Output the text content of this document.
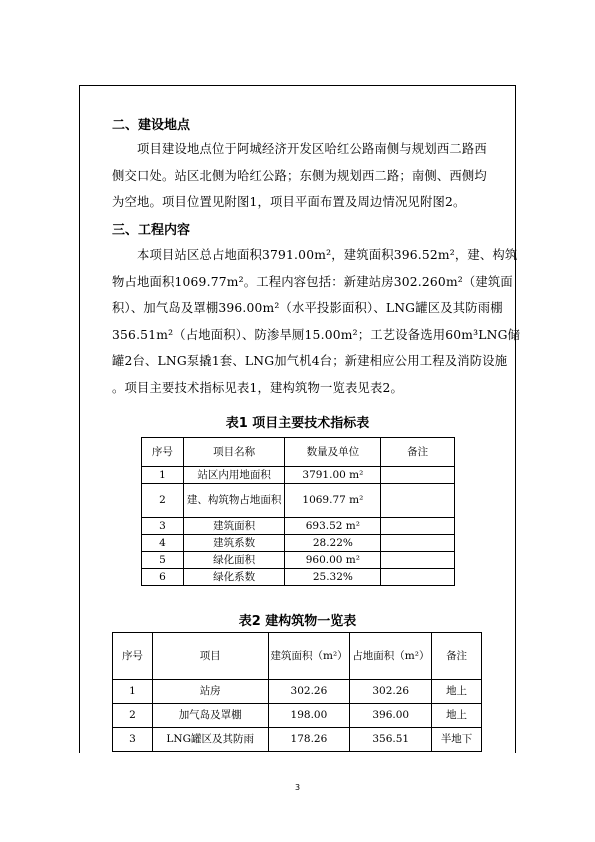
二、建设地点
　　项目建设地点位于阿城经济开发区哈红公路南侧与规划西二路西
侧交口处。站区北侧为哈红公路；东侧为规划西二路；南侧、西侧均
为空地。项目位置见附图1，项目平面布置及周边情况见附图2。
三、工程内容
　　本项目站区总占地面积3791.00m²，建筑面积396.52m²，建、构筑
物占地面积1069.77m²。工程内容包括：新建站房302.260m²（建筑面
积）、加气岛及罩棚396.00m²（水平投影面积）、LNG罐区及其防雨棚
356.51m²（占地面积）、防渗旱厕15.00m²；工艺设备选用60m³LNG储
罐2台、LNG泵撬1套、LNG加气机4台；新建相应公用工程及消防设施
。项目主要技术指标见表1，建构筑物一览表见表2。
表1 项目主要技术指标表
序号	项目名称	数量及单位	备注
1	站区内用地面积	3791.00 m²	
2	建、构筑物占地面积	1069.77 m²	
3	建筑面积	693.52 m²	
4	建筑系数	28.22%	
5	绿化面积	960.00 m²	
6	绿化系数	25.32%	
表2 建构筑物一览表
序号	项目	建筑面积（m²）	占地面积（m²）	备注
1	站房	302.26	302.26	地上
2	加气岛及罩棚	198.00	396.00	地上
3	LNG罐区及其防雨	178.26	356.51	半地下
3
